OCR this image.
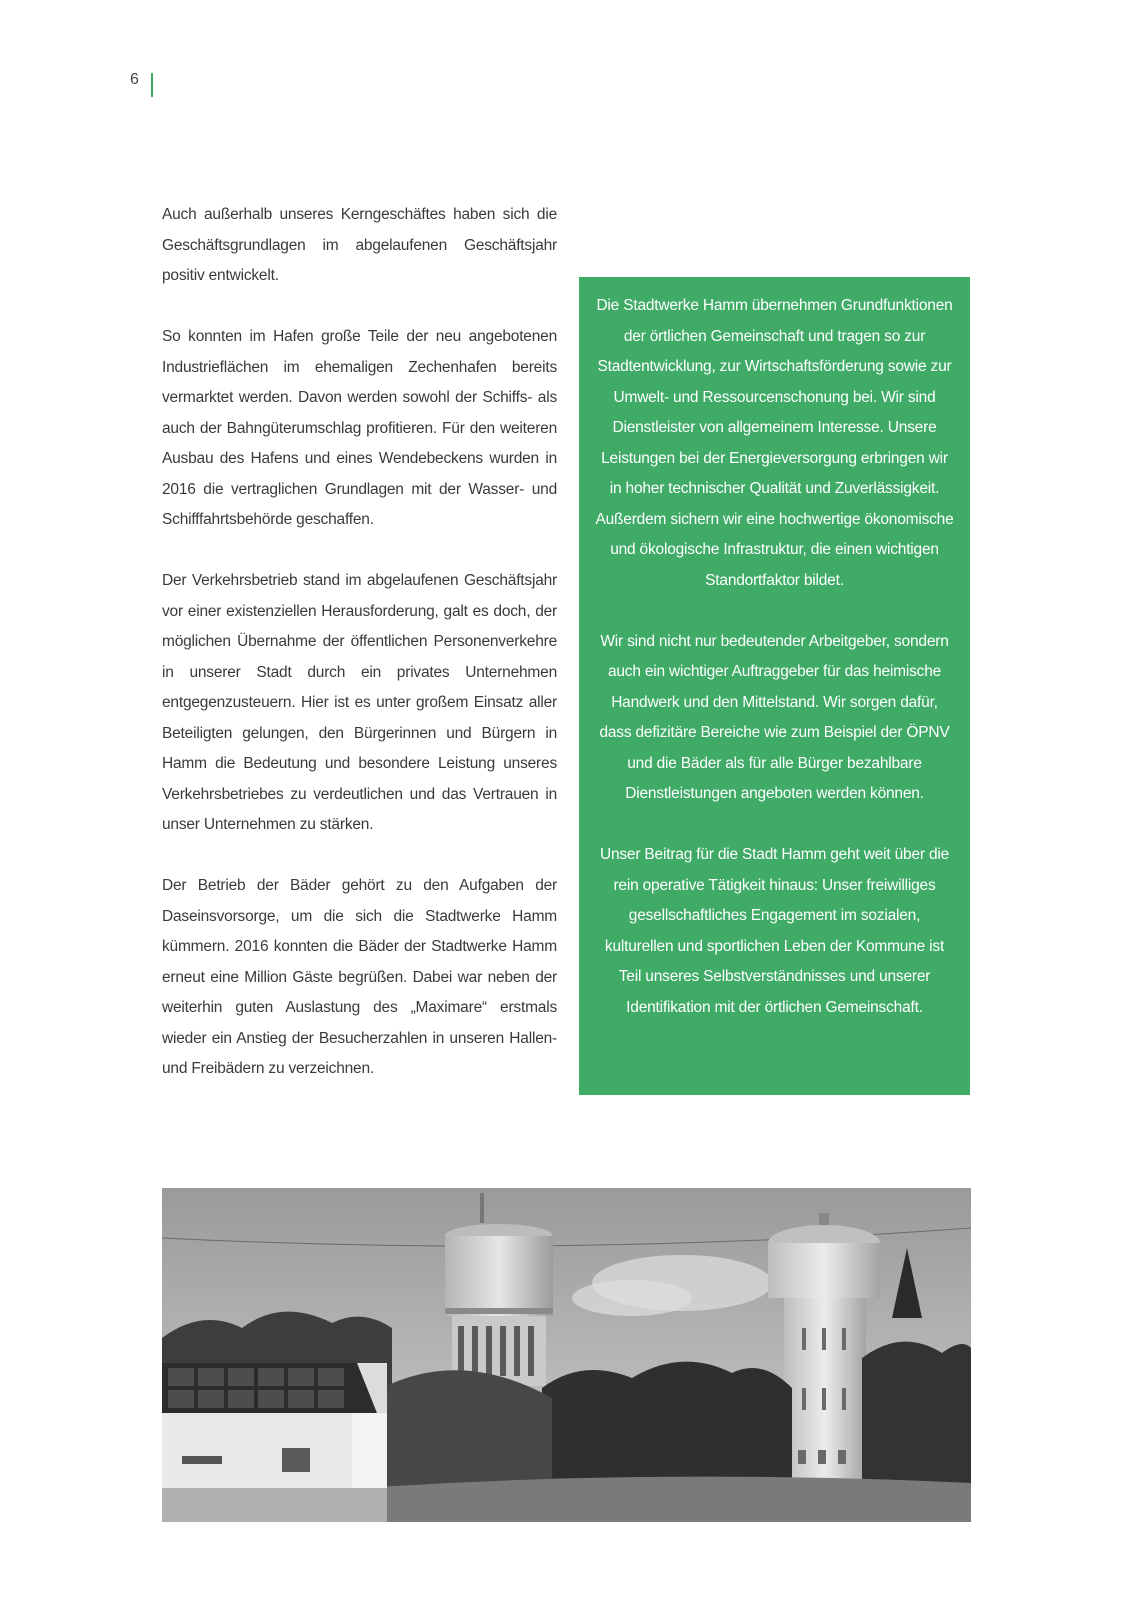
6

Auch außerhalb unseres Kerngeschäftes haben sich die Geschäftsgrundlagen im abgelaufenen Geschäftsjahr positiv entwickelt.

So konnten im Hafen große Teile der neu angebotenen Industrieflächen im ehemaligen Zechenhafen bereits vermarktet werden. Davon werden sowohl der Schiffs- als auch der Bahngüterumschlag profitieren. Für den weiteren Ausbau des Hafens und eines Wendebeckens wurden in 2016 die vertraglichen Grundlagen mit der Wasser- und Schifffahrtsbehörde geschaffen.

Der Verkehrsbetrieb stand im abgelaufenen Geschäftsjahr vor einer existenziellen Herausforderung, galt es doch, der möglichen Übernahme der öffentlichen Personenverkehre in unserer Stadt durch ein privates Unternehmen entgegenzusteuern. Hier ist es unter großem Einsatz aller Beteiligten gelungen, den Bürgerinnen und Bürgern in Hamm die Bedeutung und besondere Leistung unseres Verkehrsbetriebes zu verdeutlichen und das Vertrauen in unser Unternehmen zu stärken.

Der Betrieb der Bäder gehört zu den Aufgaben der Daseinsvorsorge, um die sich die Stadtwerke Hamm kümmern. 2016 konnten die Bäder der Stadtwerke Hamm erneut eine Million Gäste begrüßen. Dabei war neben der weiterhin guten Auslastung des „Maximare“ erstmals wieder ein Anstieg der Besucherzahlen in unseren Hallen- und Freibädern zu verzeichnen.

Die Stadtwerke Hamm übernehmen Grundfunktionen der örtlichen Gemeinschaft und tragen so zur Stadtentwicklung, zur Wirtschaftsförderung sowie zur Umwelt- und Ressourcenschonung bei. Wir sind Dienstleister von allgemeinem Interesse. Unsere Leistungen bei der Energieversorgung erbringen wir in hoher technischer Qualität und Zuverlässigkeit. Außerdem sichern wir eine hochwertige ökonomische und ökologische Infrastruktur, die einen wichtigen Standortfaktor bildet.

Wir sind nicht nur bedeutender Arbeitgeber, sondern auch ein wichtiger Auftraggeber für das heimische Handwerk und den Mittelstand. Wir sorgen dafür, dass defizitäre Bereiche wie zum Beispiel der ÖPNV und die Bäder als für alle Bürger bezahlbare Dienstleistungen angeboten werden können.

Unser Beitrag für die Stadt Hamm geht weit über die rein operative Tätigkeit hinaus: Unser freiwilliges gesellschaftliches Engagement im sozialen, kulturellen und sportlichen Leben der Kommune ist Teil unseres Selbstverständnisses und unserer Identifikation mit der örtlichen Gemeinschaft.
